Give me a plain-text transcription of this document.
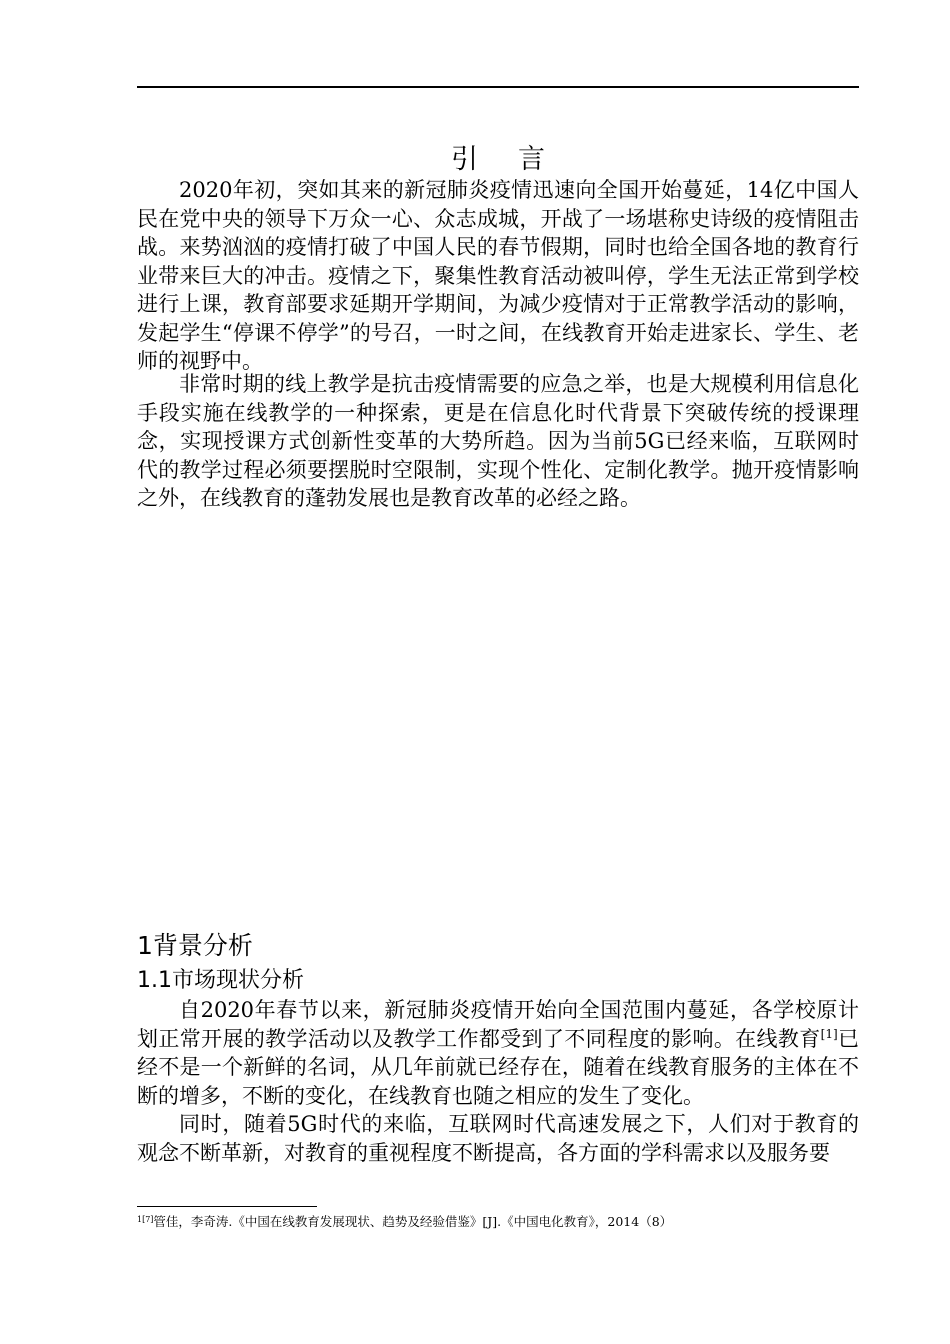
引言

2020年初，突如其来的新冠肺炎疫情迅速向全国开始蔓延，14亿中国人民在党中央的领导下万众一心、众志成城，开战了一场堪称史诗级的疫情阻击战。来势汹汹的疫情打破了中国人民的春节假期，同时也给全国各地的教育行业带来巨大的冲击。疫情之下，聚集性教育活动被叫停，学生无法正常到学校进行上课，教育部要求延期开学期间，为减少疫情对于正常教学活动的影响，发起学生“停课不停学”的号召，一时之间，在线教育开始走进家长、学生、老师的视野中。

非常时期的线上教学是抗击疫情需要的应急之举，也是大规模利用信息化手段实施在线教学的一种探索，更是在信息化时代背景下突破传统的授课理念，实现授课方式创新性变革的大势所趋。因为当前5G已经来临，互联网时代的教学过程必须要摆脱时空限制，实现个性化、定制化教学。抛开疫情影响之外，在线教育的蓬勃发展也是教育改革的必经之路。

1背景分析
1.1市场现状分析

自2020年春节以来，新冠肺炎疫情开始向全国范围内蔓延，各学校原计划正常开展的教学活动以及教学工作都受到了不同程度的影响。在线教育[1]已经不是一个新鲜的名词，从几年前就已经存在，随着在线教育服务的主体在不断的增多，不断的变化，在线教育也随之相应的发生了变化。

同时，随着5G时代的来临，互联网时代高速发展之下，人们对于教育的观念不断革新，对教育的重视程度不断提高，各方面的学科需求以及服务要

$^{1[7]}$管佳，李奇涛.《中国在线教育发展现状、趋势及经验借鉴》[J].《中国电化教育》，2014（8）
